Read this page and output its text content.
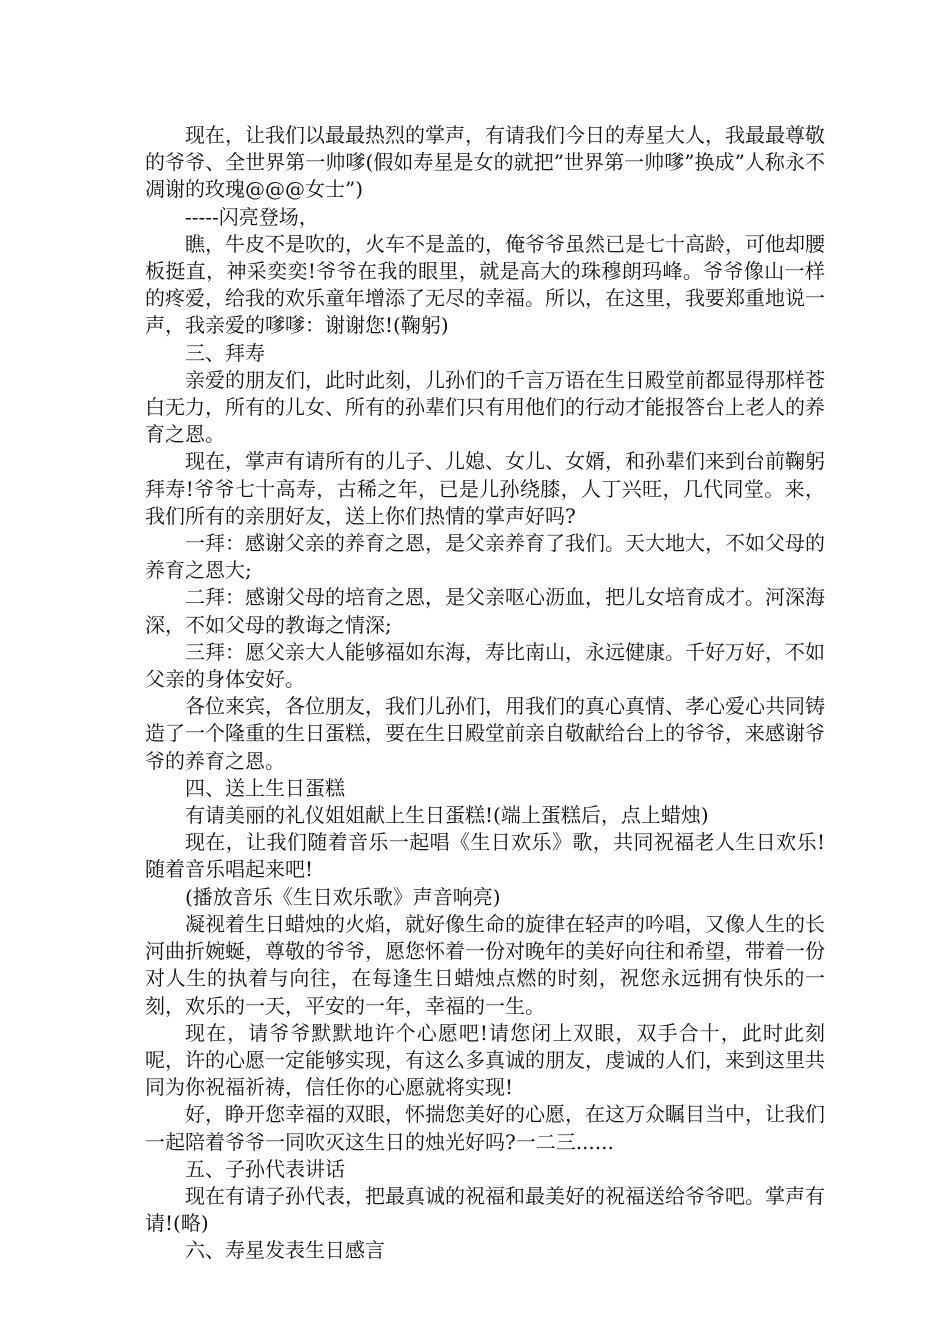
现在，让我们以最最热烈的掌声，有请我们今日的寿星大人，我最最尊敬的爷爷、全世界第一帅嗲(假如寿星是女的就把”世界第一帅嗲”换成”人称永不凋谢的玫瑰@@@女士”)

-----闪亮登场，

瞧，牛皮不是吹的，火车不是盖的，俺爷爷虽然已是七十高龄，可他却腰板挺直，神采奕奕!爷爷在我的眼里，就是高大的珠穆朗玛峰。爷爷像山一样的疼爱，给我的欢乐童年增添了无尽的幸福。所以，在这里，我要郑重地说一声，我亲爱的嗲嗲：谢谢您!(鞠躬)

三、拜寿

亲爱的朋友们，此时此刻，儿孙们的千言万语在生日殿堂前都显得那样苍白无力，所有的儿女、所有的孙辈们只有用他们的行动才能报答台上老人的养育之恩。

现在，掌声有请所有的儿子、儿媳、女儿、女婿，和孙辈们来到台前鞠躬拜寿!爷爷七十高寿，古稀之年，已是儿孙绕膝，人丁兴旺，几代同堂。来，我们所有的亲朋好友，送上你们热情的掌声好吗?

一拜：感谢父亲的养育之恩，是父亲养育了我们。天大地大，不如父母的养育之恩大;

二拜：感谢父母的培育之恩，是父亲呕心沥血，把儿女培育成才。河深海深，不如父母的教诲之情深;

三拜：愿父亲大人能够福如东海，寿比南山，永远健康。千好万好，不如父亲的身体安好。

各位来宾，各位朋友，我们儿孙们，用我们的真心真情、孝心爱心共同铸造了一个隆重的生日蛋糕，要在生日殿堂前亲自敬献给台上的爷爷，来感谢爷爷的养育之恩。

四、送上生日蛋糕

有请美丽的礼仪姐姐献上生日蛋糕!(端上蛋糕后，点上蜡烛)

现在，让我们随着音乐一起唱《生日欢乐》歌，共同祝福老人生日欢乐!随着音乐唱起来吧!

(播放音乐《生日欢乐歌》声音响亮)

凝视着生日蜡烛的火焰，就好像生命的旋律在轻声的吟唱，又像人生的长河曲折婉蜒，尊敬的爷爷，愿您怀着一份对晚年的美好向往和希望，带着一份对人生的执着与向往，在每逢生日蜡烛点燃的时刻，祝您永远拥有快乐的一刻，欢乐的一天，平安的一年，幸福的一生。

现在，请爷爷默默地许个心愿吧!请您闭上双眼，双手合十，此时此刻呢，许的心愿一定能够实现，有这么多真诚的朋友，虔诚的人们，来到这里共同为你祝福祈祷，信任你的心愿就将实现!

好，睁开您幸福的双眼，怀揣您美好的心愿，在这万众瞩目当中，让我们一起陪着爷爷一同吹灭这生日的烛光好吗?一二三......

五、子孙代表讲话

现在有请子孙代表，把最真诚的祝福和最美好的祝福送给爷爷吧。掌声有请!(略)

六、寿星发表生日感言
